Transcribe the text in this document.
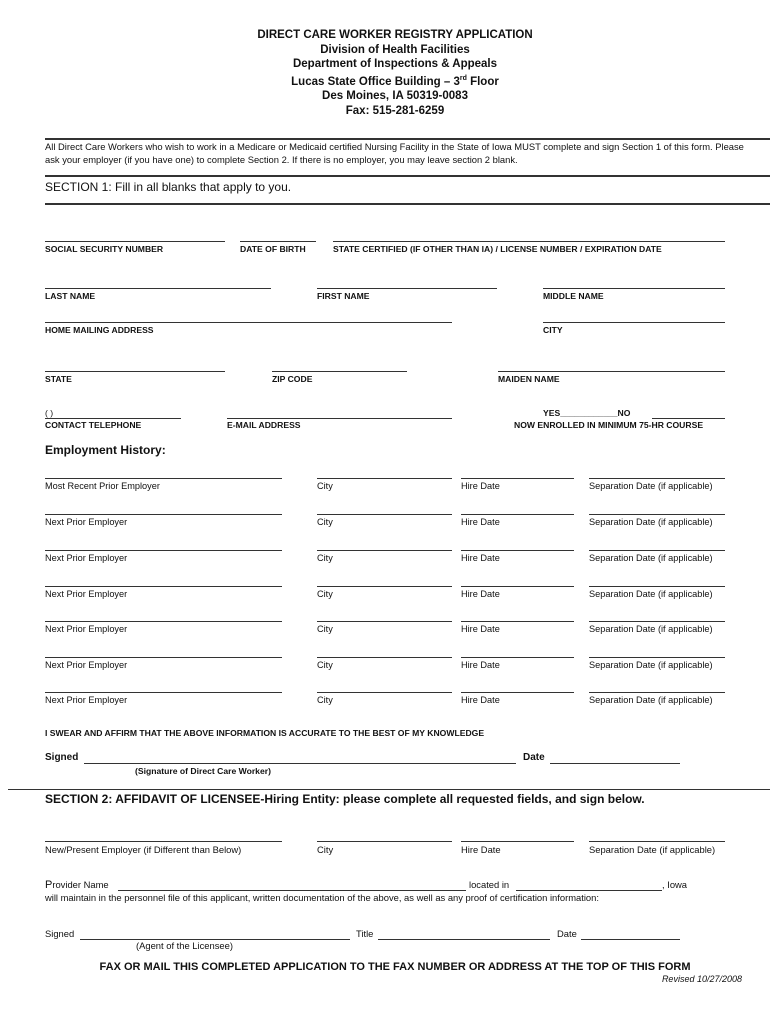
DIRECT CARE WORKER REGISTRY APPLICATION
Division of Health Facilities
Department of Inspections & Appeals
Lucas State Office Building – 3rd Floor
Des Moines, IA 50319-0083
Fax: 515-281-6259
All Direct Care Workers who wish to work in a Medicare or Medicaid certified Nursing Facility in the State of Iowa MUST complete and sign Section 1 of this form. Please ask your employer (if you have one) to complete Section 2. If there is no employer, you may leave section 2 blank.
SECTION 1: Fill in all blanks that apply to you.
SOCIAL SECURITY NUMBER	DATE OF BIRTH	STATE CERTIFIED (IF OTHER THAN IA) / LICENSE NUMBER / EXPIRATION DATE
LAST NAME	FIRST NAME	MIDDLE NAME
HOME MAILING ADDRESS	CITY
STATE	ZIP CODE	MAIDEN NAME
( )	YES____________NO
CONTACT TELEPHONE	E-MAIL ADDRESS	NOW ENROLLED IN MINIMUM 75-HR COURSE
Employment History:
Most Recent Prior Employer	City	Hire Date	Separation Date (if applicable)
Next Prior Employer	City	Hire Date	Separation Date (if applicable)
Next Prior Employer	City	Hire Date	Separation Date (if applicable)
Next Prior Employer	City	Hire Date	Separation Date (if applicable)
Next Prior Employer	City	Hire Date	Separation Date (if applicable)
Next Prior Employer	City	Hire Date	Separation Date (if applicable)
Next Prior Employer	City	Hire Date	Separation Date (if applicable)
I SWEAR AND AFFIRM THAT THE ABOVE INFORMATION IS ACCURATE TO THE BEST OF MY KNOWLEDGE
Signed	Date
(Signature of Direct Care Worker)
SECTION 2: AFFIDAVIT OF LICENSEE-Hiring Entity: please complete all requested fields, and sign below.
New/Present Employer (if Different than Below)	City	Hire Date	Separation Date (if applicable)
Provider Name	located in	, Iowa
will maintain in the personnel file of this applicant, written documentation of the above, as well as any proof of certification information:
Signed	Title	Date
(Agent of the Licensee)
FAX OR MAIL THIS COMPLETED APPLICATION TO THE FAX NUMBER OR ADDRESS AT THE TOP OF THIS FORM
Revised 10/27/2008
